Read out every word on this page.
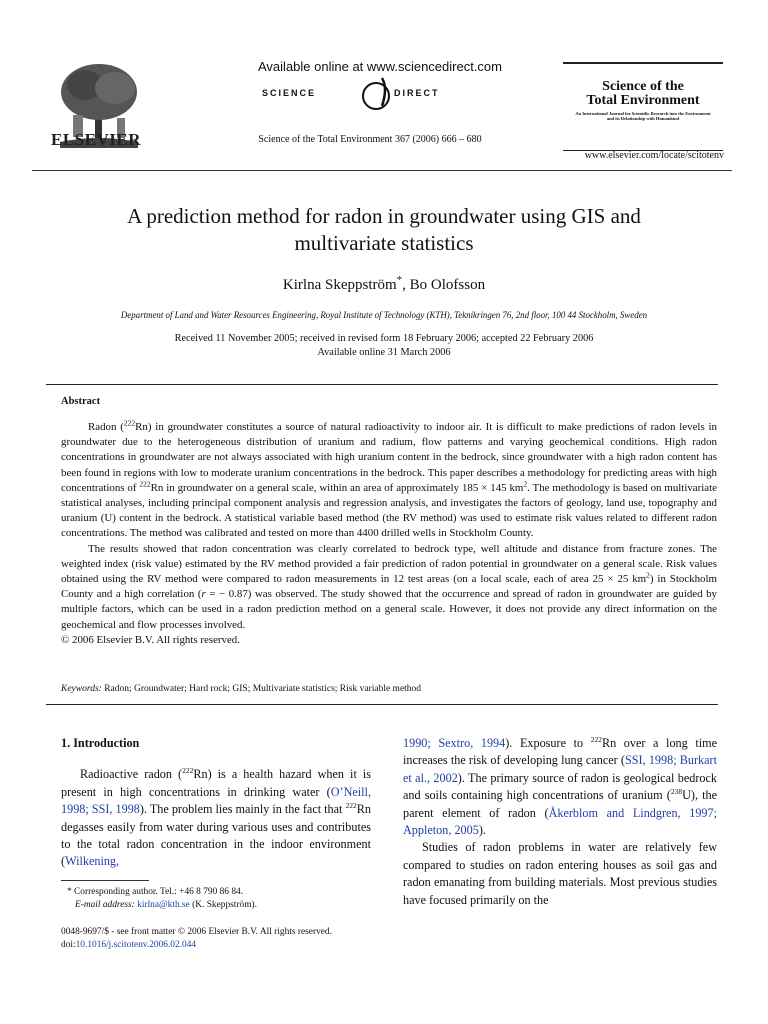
ELSEVIER
Available online at www.sciencedirect.com
SCIENCE	DIRECT
Science of the Total Environment 367 (2006) 666 – 680
Science of the
Total Environment
An International Journal for Scientific Research into the Environment and its Relationship with Humankind
www.elsevier.com/locate/scitotenv
A prediction method for radon in groundwater using GIS and
multivariate statistics
Kirlna Skeppström*, Bo Olofsson
Department of Land and Water Resources Engineering, Royal Institute of Technology (KTH), Teknikringen 76, 2nd floor, 100 44 Stockholm, Sweden
Received 11 November 2005; received in revised form 18 February 2006; accepted 22 February 2006
Available online 31 March 2006
Abstract

Radon ($^{222}$Rn) in groundwater constitutes a source of natural radioactivity to indoor air. It is difficult to make predictions of radon levels in groundwater due to the heterogeneous distribution of uranium and radium, flow patterns and varying geochemical conditions. High radon concentrations in groundwater are not always associated with high uranium content in the bedrock, since groundwater with a high radon content has been found in regions with low to moderate uranium concentrations in the bedrock. This paper describes a methodology for predicting areas with high concentrations of $^{222}$Rn in groundwater on a general scale, within an area of approximately 185 × 145 $km^2$. The methodology is based on multivariate statistical analyses, including principal component analysis and regression analysis, and investigates the factors of geology, land use, topography and uranium (U) content in the bedrock. A statistical variable based method (the RV method) was used to estimate risk values related to different radon concentrations. The method was calibrated and tested on more than 4400 drilled wells in Stockholm County.

The results showed that radon concentration was clearly correlated to bedrock type, well altitude and distance from fracture zones. The weighted index (risk value) estimated by the RV method provided a fair prediction of radon potential in groundwater on a general scale. Risk values obtained using the RV method were compared to radon measurements in 12 test areas (on a local scale, each of area 25 × 25 $km^2$) in Stockholm County and a high correlation (r = − 0.87) was observed. The study showed that the occurrence and spread of radon in groundwater are guided by multiple factors, which can be used in a radon prediction method on a general scale. However, it does not provide any direct information on the geochemical and flow processes involved.

© 2006 Elsevier B.V. All rights reserved.

Keywords: Radon; Groundwater; Hard rock; GIS; Multivariate statistics; Risk variable method

1. Introduction

Radioactive radon ($^{222}$Rn) is a health hazard when it is present in high concentrations in drinking water (O’Neill, 1998; SSI, 1998). The problem lies mainly in the fact that $^{222}$Rn degasses easily from water during various uses and contributes to the total radon concentration in the indoor environment (Wilkening,

1990; Sextro, 1994). Exposure to $^{222}$Rn over a long time increases the risk of developing lung cancer (SSI, 1998; Burkart et al., 2002). The primary source of radon is geological bedrock and soils containing high concentrations of uranium ($^{238}$U), the parent element of radon (Åkerblom and Lindgren, 1997; Appleton, 2005).

Studies of radon problems in water are relatively few compared to studies on radon entering houses as soil gas and radon emanating from building materials. Most previous studies have focused primarily on the

* Corresponding author. Tel.: +46 8 790 86 84.
E-mail address: kirlna@kth.se (K. Skeppström).
0048-9697/$ - see front matter © 2006 Elsevier B.V. All rights reserved.
doi:10.1016/j.scitotenv.2006.02.044
